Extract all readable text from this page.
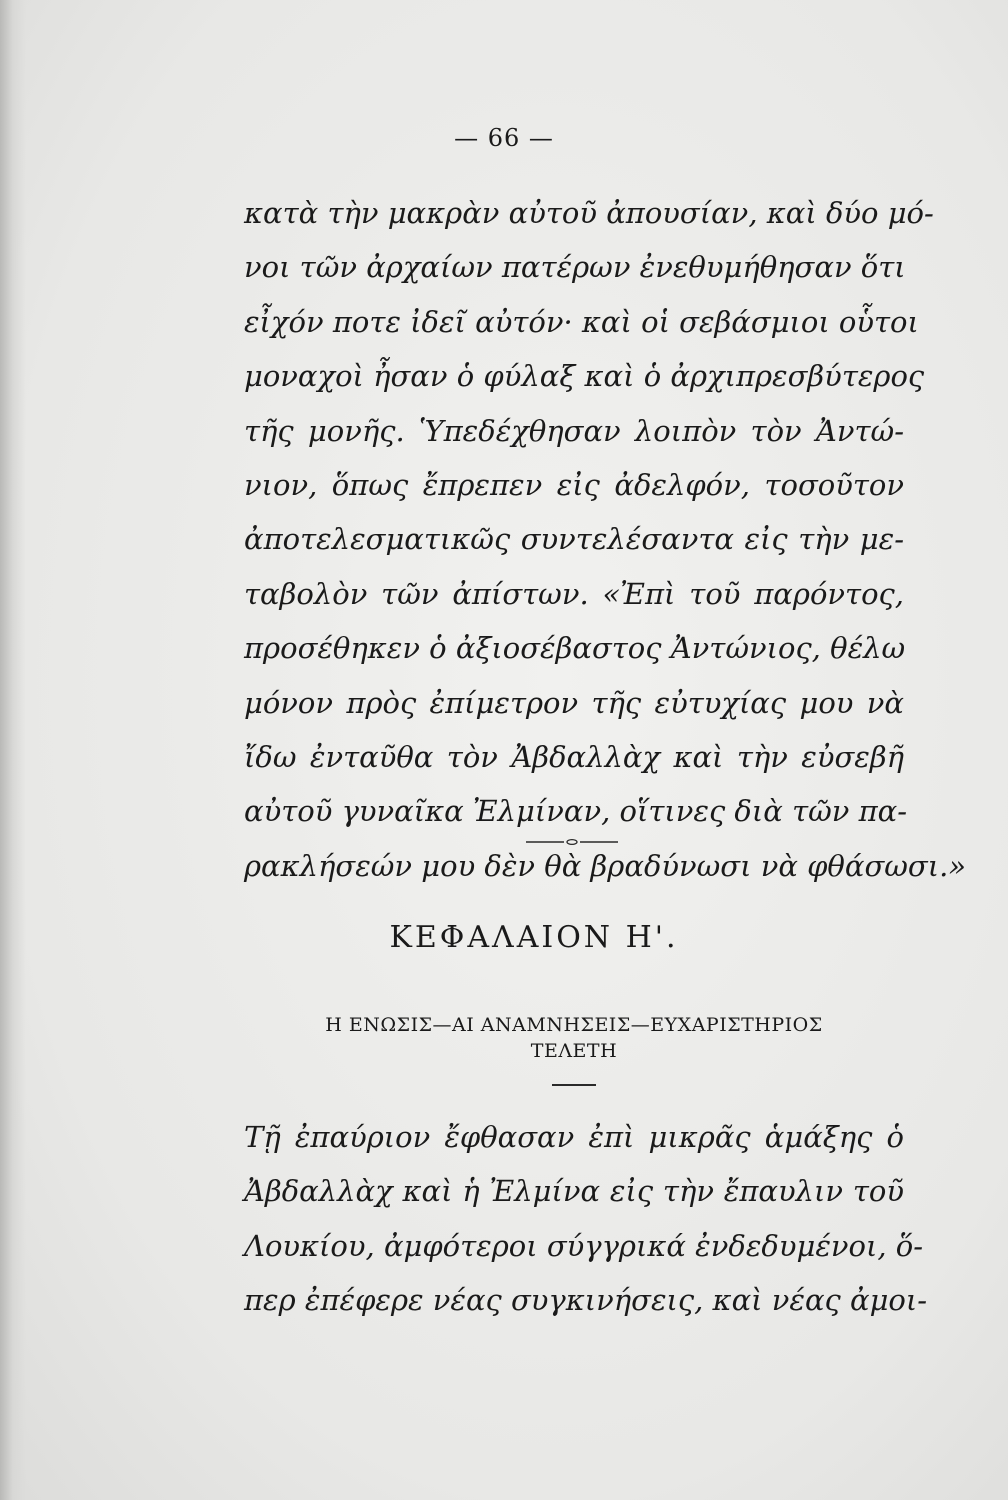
— 66 —

κατὰ τὴν μακρὰν αὐτοῦ ἀπουσίαν, καὶ δύο μό-
νοι τῶν ἀρχαίων πατέρων ἐνεθυμήθησαν ὅτι
εἶχόν ποτε ἰδεῖ αὐτόν· καὶ οἱ σεβάσμιοι οὗτοι
μοναχοὶ ἦσαν ὁ φύλαξ καὶ ὁ ἀρχιπρεσβύτερος
τῆς μονῆς. Ὑπεδέχθησαν λοιπὸν τὸν Ἀντώ-
νιον, ὅπως ἔπρεπεν εἰς ἀδελφόν, τοσοῦτον
ἀποτελεσματικῶς συντελέσαντα εἰς τὴν με-
ταβολὸν τῶν ἀπίστων. «Ἐπὶ τοῦ παρόντος,
προσέθηκεν ὁ ἀξιοσέβαστος Ἀντώνιος, θέλω
μόνον πρὸς ἐπίμετρον τῆς εὐτυχίας μου νὰ
ἴδω ἐνταῦθα τὸν Ἀβδαλλὰχ καὶ τὴν εὐσεβῆ
αὐτοῦ γυναῖκα Ἐλμίναν, οἵτινες διὰ τῶν πα-
ρακλήσεών μου δὲν θὰ βραδύνωσι νὰ φθάσωσι.»

ΚΕΦΑΛΑΙΟΝ Η'.
Η ΕΝΩΣΙΣ—ΑΙ ΑΝΑΜΝΗΣΕΙΣ—ΕΥΧΑΡΙΣΤΗΡΙΟΣ
ΤΕΛΕΤΗ

Τῇ ἐπαύριον ἔφθασαν ἐπὶ μικρᾶς ἁμάξης ὁ
Ἀβδαλλὰχ καὶ ἡ Ἐλμίνα εἰς τὴν ἔπαυλιν τοῦ
Λουκίου, ἀμφότεροι σύγγρικά ἐνδεδυμένοι, ὅ-
περ ἐπέφερε νέας συγκινήσεις, καὶ νέας ἀμοι-
